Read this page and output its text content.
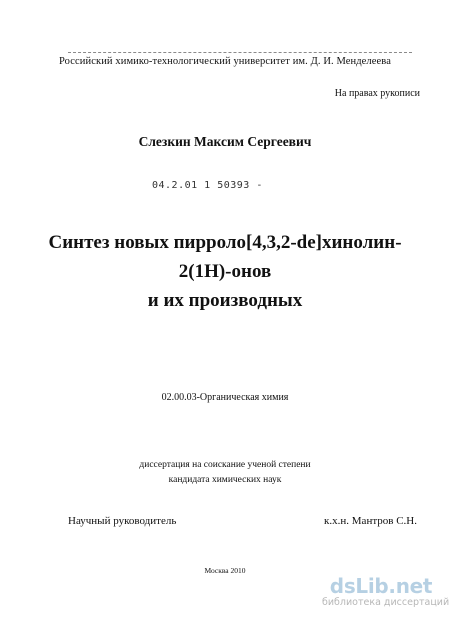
Российский химико-технологический университет им. Д. И. Менделеева
На правах рукописи
Слезкин Максим Сергеевич
04.2.01 1 50393 -
Синтез новых пирроло[4,3,2-de]хинолин-
2(1Н)-онов
и их производных
02.00.03-Органическая химия
диссертация на соискание ученой степени
кандидата химических наук
Научный руководитель	к.х.н. Мантров С.Н.
Москва 2010
dsLib.net
библиотека диссертаций
